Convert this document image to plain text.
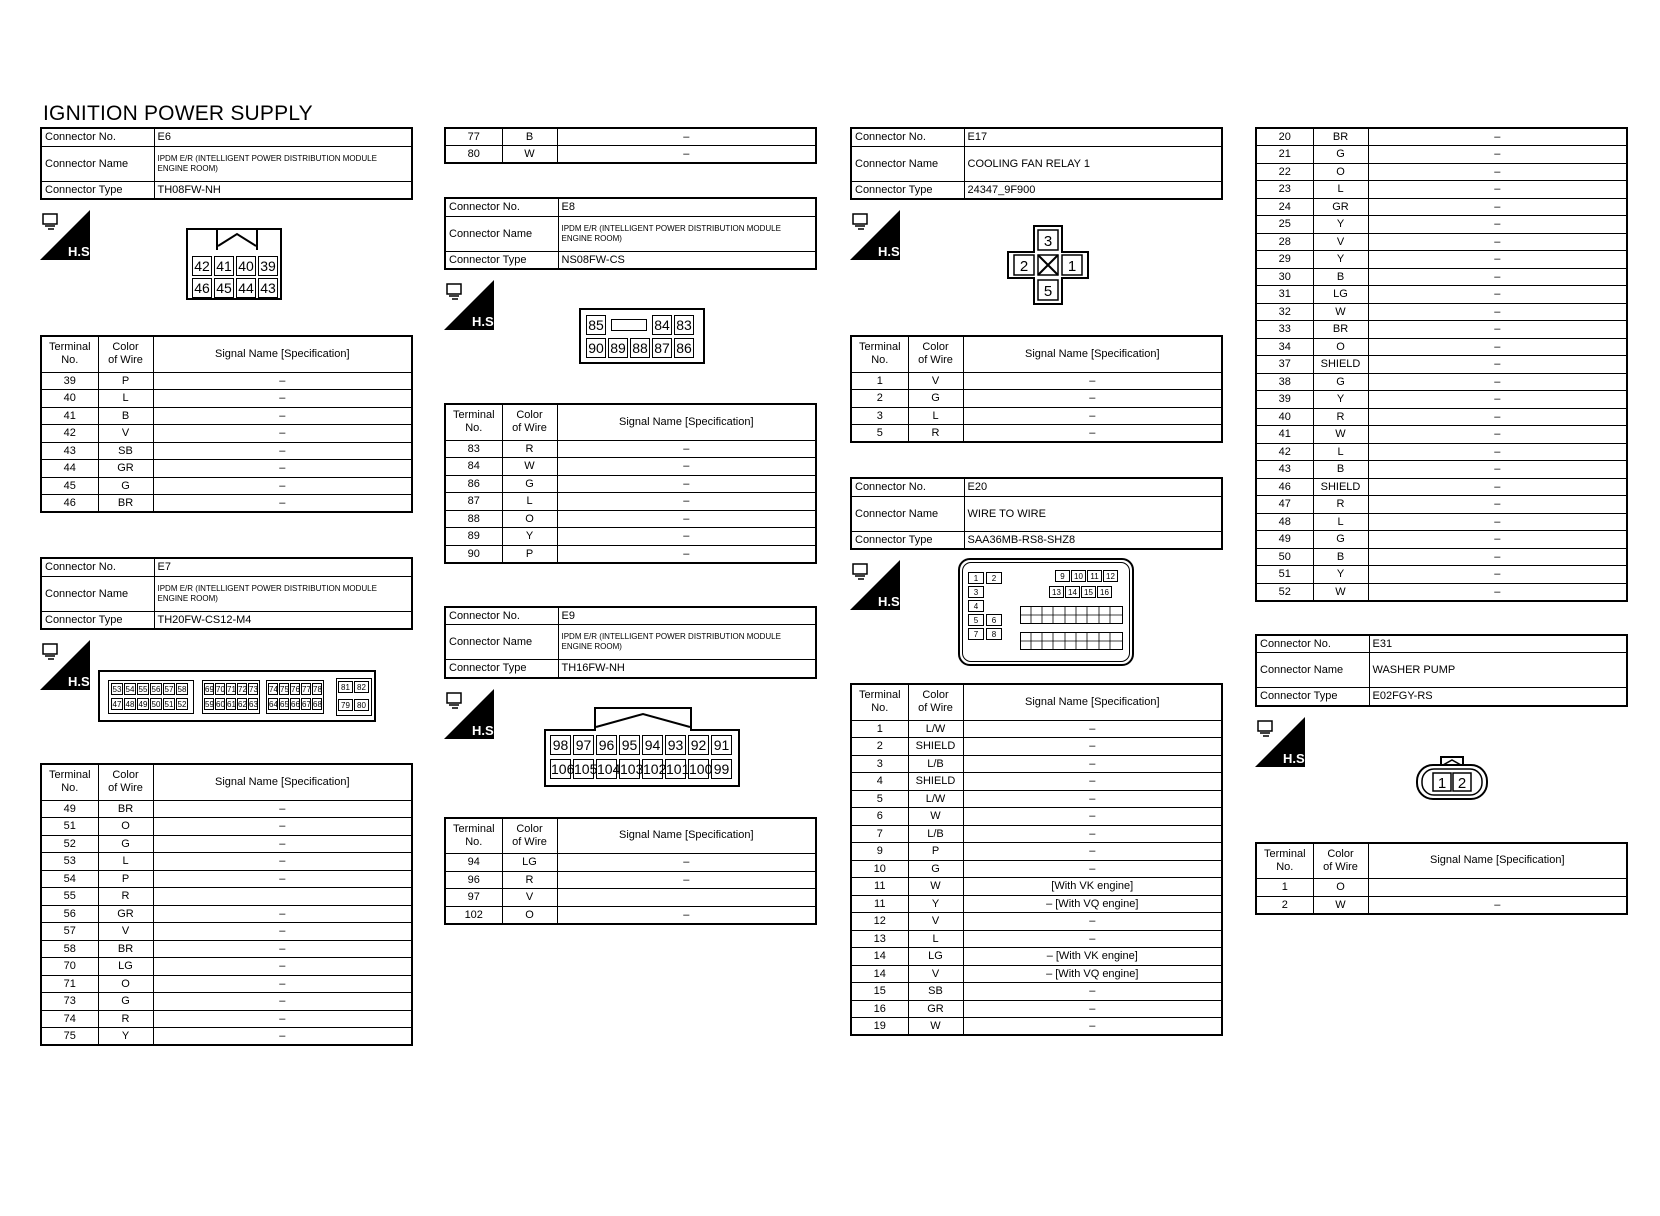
IGNITION POWER SUPPLY
Connector No.	E6
Connector Name	IPDM E/R (INTELLIGENT POWER DISTRIBUTION MODULE ENGINE ROOM)
Connector Type	TH08FW-NH
H.S.
42 41 40 39
46 45 44 43
Terminal
No.	Color
of Wire	Signal Name [Specification]
39	P	–
40	L	–
41	B	–
42	V	–
43	SB	–
44	GR	–
45	G	–
46	BR	–
Connector No.	E7
Connector Name	IPDM E/R (INTELLIGENT POWER DISTRIBUTION MODULE ENGINE ROOM)
Connector Type	TH20FW-CS12-M4
H.S.
53 54 55 56 57 58
47 48 49 50 51 52
69 70 71 72 73
59 60 61 62 63
74 75 76 77 78
64 65 66 67 68
81 82
79 80
Terminal
No.	Color
of Wire	Signal Name [Specification]
49	BR	–
51	O	–
52	G	–
53	L	–
54	P	–
55	R	
56	GR	–
57	V	–
58	BR	–
70	LG	–
71	O	–
73	G	–
74	R	–
75	Y	–
77	B	–
80	W	–
Connector No.	E8
Connector Name	IPDM E/R (INTELLIGENT POWER DISTRIBUTION MODULE ENGINE ROOM)
Connector Type	NS08FW-CS
H.S.	85	84 83
90 89 88 87 86
Terminal
No.	Color
of Wire	Signal Name [Specification]
83	R	–
84	W	–
86	G	–
87	L	–
88	O	–
89	Y	–
90	P	–
Connector No.	E9
Connector Name	IPDM E/R (INTELLIGENT POWER DISTRIBUTION MODULE ENGINE ROOM)
Connector Type	TH16FW-NH
H.S.
98 97 96 95 94 93 92 91
106 105 104 103 102 101 100 99
Terminal
No.	Color
of Wire	Signal Name [Specification]
94	LG	–
96	R	–
97	V	
102	O	–
Connector No.	E17
Connector Name	COOLING FAN RELAY 1
Connector Type	24347_9F900
H.S.
3
2	1
5
Terminal
No.	Color
of Wire	Signal Name [Specification]
1	V	–
2	G	–
3	L	–
5	R	–
Connector No.	E20
Connector Name	WIRE TO WIRE
Connector Type	SAA36MB-RS8-SHZ8
H.S.
1	2
3
4
5	6
7	8
9	10 11 12
13 14 15 16
Terminal
No.	Color
of Wire	Signal Name [Specification]
1	L/W	–
2	SHIELD	–
3	L/B	–
4	SHIELD	–
5	L/W	–
6	W	–
7	L/B	–
9	P	–
10	G	–
11	W	[With VK engine]
11	Y	– [With VQ engine]
12	V	–
13	L	–
14	LG	– [With VK engine]
14	V	– [With VQ engine]
15	SB	–
16	GR	–
19	W	–
20	BR	–
21	G	–
22	O	–
23	L	–
24	GR	–
25	Y	–
28	V	–
29	Y	–
30	B	–
31	LG	–
32	W	–
33	BR	–
34	O	–
37	SHIELD	–
38	G	–
39	Y	–
40	R	–
41	W	–
42	L	–
43	B	–
46	SHIELD	–
47	R	–
48	L	–
49	G	–
50	B	–
51	Y	–
52	W	–
Connector No.	E31
Connector Name	WASHER PUMP
Connector Type	E02FGY-RS
H.S.
1 2
Terminal
No.	Color
of Wire	Signal Name [Specification]
1	O	
2	W	–
